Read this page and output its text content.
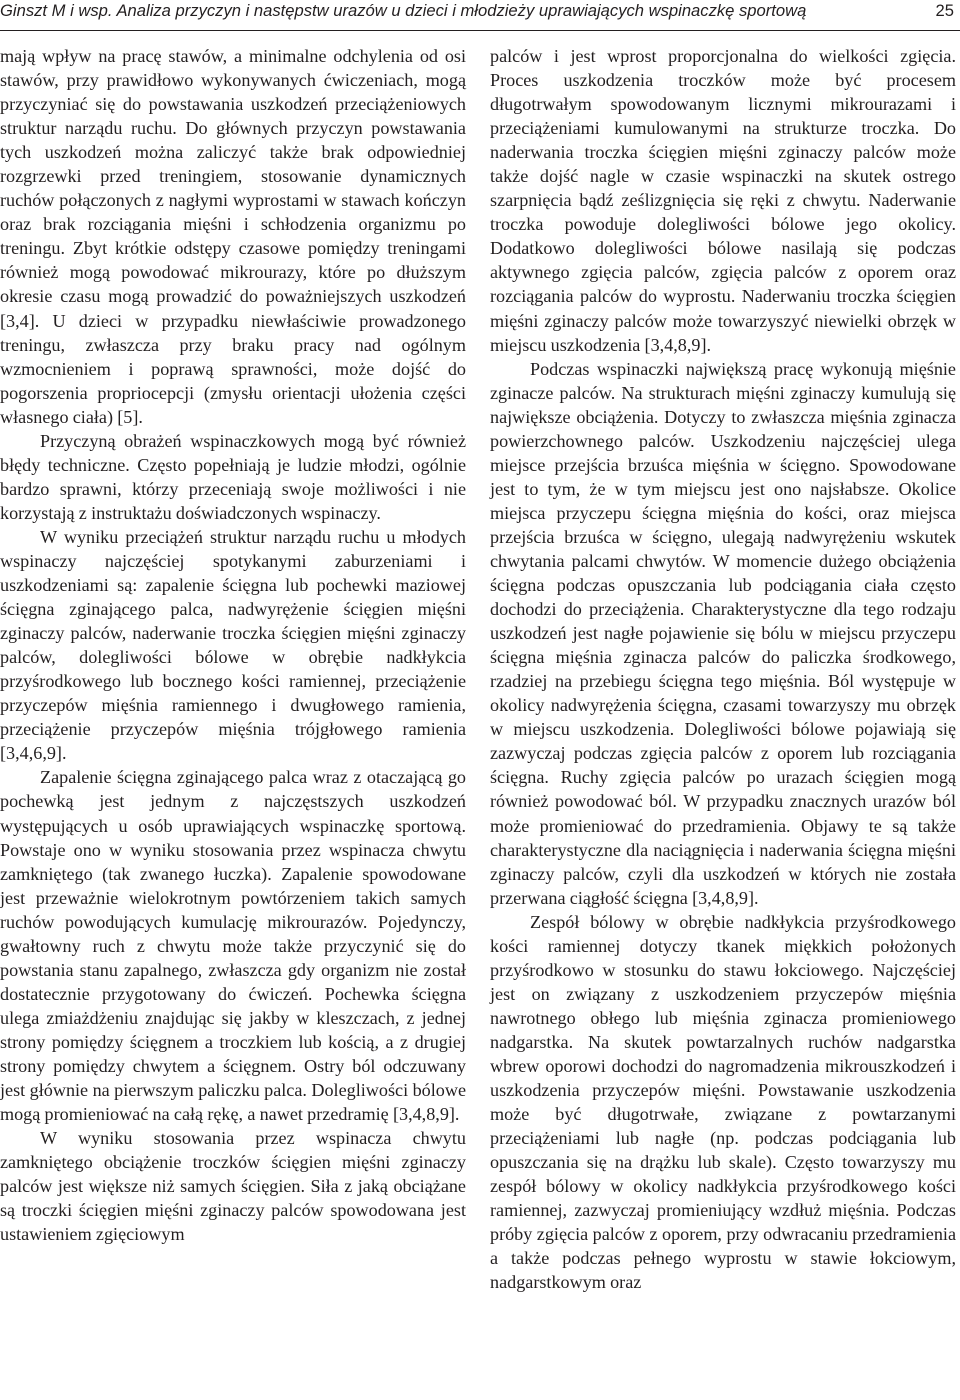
Ginszt M i wsp. Analiza przyczyn i następstw urazów u dzieci i młodzieży uprawiających wspinaczkę sportową	25

mają wpływ na pracę stawów, a minimalne odchylenia od osi stawów, przy prawidłowo wykonywanych ćwiczeniach, mogą przyczyniać się do powstawania uszkodzeń przeciążeniowych struktur narządu ruchu. Do głównych przyczyn powstawania tych uszkodzeń można zaliczyć także brak odpowiedniej rozgrzewki przed treningiem, stosowanie dynamicznych ruchów połączonych z nagłymi wyprostami w stawach kończyn oraz brak rozciągania mięśni i schłodzenia organizmu po treningu. Zbyt krótkie odstępy czasowe pomiędzy treningami również mogą powodować mikrourazy, które po dłuższym okresie czasu mogą prowadzić do poważniejszych uszkodzeń [3,4]. U dzieci w przypadku niewłaściwie prowadzonego treningu, zwłaszcza przy braku pracy nad ogólnym wzmocnieniem i poprawą sprawności, może dojść do pogorszenia propriocepcji (zmysłu orientacji ułożenia części własnego ciała) [5].

Przyczyną obrażeń wspinaczkowych mogą być również błędy techniczne. Często popełniają je ludzie młodzi, ogólnie bardzo sprawni, którzy przeceniają swoje możliwości i nie korzystają z instruktażu doświadczonych wspinaczy.

W wyniku przeciążeń struktur narządu ruchu u młodych wspinaczy najczęściej spotykanymi zaburzeniami i uszkodzeniami są: zapalenie ścięgna lub pochewki maziowej ścięgna zginającego palca, nadwyrężenie ścięgien mięśni zginaczy palców, naderwanie troczka ścięgien mięśni zginaczy palców, dolegliwości bólowe w obrębie nadkłykcia przyśrodkowego lub bocznego kości ramiennej, przeciążenie przyczepów mięśnia ramiennego i dwugłowego ramienia, przeciążenie przyczepów mięśnia trójgłowego ramienia [3,4,6,9].

Zapalenie ścięgna zginającego palca wraz z otaczającą go pochewką jest jednym z najczęstszych uszkodzeń występujących u osób uprawiających wspinaczkę sportową. Powstaje ono w wyniku stosowania przez wspinacza chwytu zamkniętego (tak zwanego łuczka). Zapalenie spowodowane jest przeważnie wielokrotnym powtórzeniem takich samych ruchów powodujących kumulację mikrourazów. Pojedynczy, gwałtowny ruch z chwytu może także przyczynić się do powstania stanu zapalnego, zwłaszcza gdy organizm nie został dostatecznie przygotowany do ćwiczeń. Pochewka ścięgna ulega zmiażdżeniu znajdując się jakby w kleszczach, z jednej strony pomiędzy ścięgnem a troczkiem lub kością, a z drugiej strony pomiędzy chwytem a ścięgnem. Ostry ból odczuwany jest głównie na pierwszym paliczku palca. Dolegliwości bólowe mogą promieniować na całą rękę, a nawet przedramię [3,4,8,9].

W wyniku stosowania przez wspinacza chwytu zamkniętego obciążenie troczków ścięgien mięśni zginaczy palców jest większe niż samych ścięgien. Siła z jaką obciążane są troczki ścięgien mięśni zginaczy palców spowodowana jest ustawieniem zgięciowym

palców i jest wprost proporcjonalna do wielkości zgięcia. Proces uszkodzenia troczków może być procesem długotrwałym spowodowanym licznymi mikrourazami i przeciążeniami kumulowanymi na strukturze troczka. Do naderwania troczka ścięgien mięśni zginaczy palców może także dojść nagle w czasie wspinaczki na skutek ostrego szarpnięcia bądź ześlizgnięcia się ręki z chwytu. Naderwanie troczka powoduje dolegliwości bólowe jego okolicy. Dodatkowo dolegliwości bólowe nasilają się podczas aktywnego zgięcia palców, zgięcia palców z oporem oraz rozciągania palców do wyprostu. Naderwaniu troczka ścięgien mięśni zginaczy palców może towarzyszyć niewielki obrzęk w miejscu uszkodzenia [3,4,8,9].

Podczas wspinaczki największą pracę wykonują mięśnie zginacze palców. Na strukturach mięśni zginaczy kumulują się największe obciążenia. Dotyczy to zwłaszcza mięśnia zginacza powierzchownego palców. Uszkodzeniu najczęściej ulega miejsce przejścia brzuśca mięśnia w ścięgno. Spowodowane jest to tym, że w tym miejscu jest ono najsłabsze. Okolice miejsca przyczepu ścięgna mięśnia do kości, oraz miejsca przejścia brzuśca w ścięgno, ulegają nadwyrężeniu wskutek chwytania palcami chwytów. W momencie dużego obciążenia ścięgna podczas opuszczania lub podciągania ciała często dochodzi do przeciążenia. Charakterystyczne dla tego rodzaju uszkodzeń jest nagłe pojawienie się bólu w miejscu przyczepu ścięgna mięśnia zginacza palców do paliczka środkowego, rzadziej na przebiegu ścięgna tego mięśnia. Ból występuje w okolicy nadwyrężenia ścięgna, czasami towarzyszy mu obrzęk w miejscu uszkodzenia. Dolegliwości bólowe pojawiają się zazwyczaj podczas zgięcia palców z oporem lub rozciągania ścięgna. Ruchy zgięcia palców po urazach ścięgien mogą również powodować ból. W przypadku znacznych urazów ból może promieniować do przedramienia. Objawy te są także charakterystyczne dla naciągnięcia i naderwania ścięgna mięśni zginaczy palców, czyli dla uszkodzeń w których nie została przerwana ciągłość ścięgna [3,4,8,9].

Zespół bólowy w obrębie nadkłykcia przyśrodkowego kości ramiennej dotyczy tkanek miękkich położonych przyśrodkowo w stosunku do stawu łokciowego. Najczęściej jest on związany z uszkodzeniem przyczepów mięśnia nawrotnego obłego lub mięśnia zginacza promieniowego nadgarstka. Na skutek powtarzalnych ruchów nadgarstka wbrew oporowi dochodzi do nagromadzenia mikrouszkodzeń i uszkodzenia przyczepów mięśni. Powstawanie uszkodzenia może być długotrwałe, związane z powtarzanymi przeciążeniami lub nagłe (np. podczas podciągania lub opuszczania się na drążku lub skale). Często towarzyszy mu zespół bólowy w okolicy nadkłykcia przyśrodkowego kości ramiennej, zazwyczaj promieniujący wzdłuż mięśnia. Podczas próby zgięcia palców z oporem, przy odwracaniu przedramienia a także podczas pełnego wyprostu w stawie łokciowym, nadgarstkowym oraz
